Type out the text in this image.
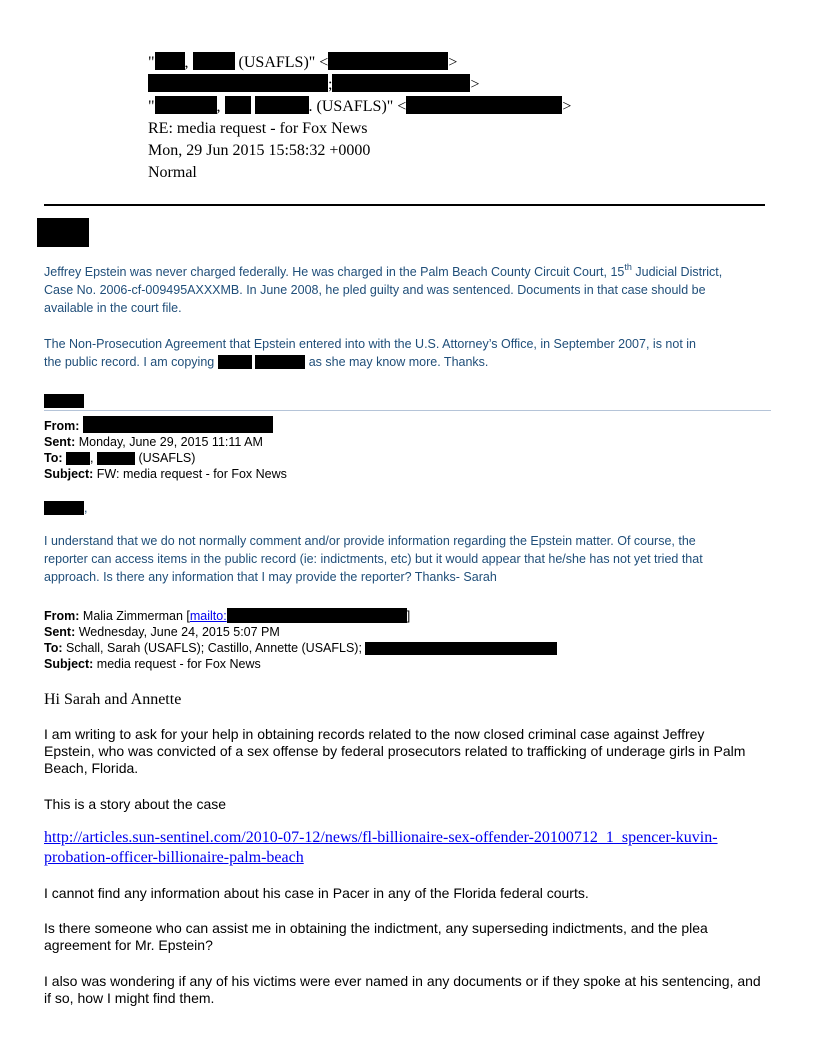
" ,	(USAFLS)" <	>
;	>
"	,	. (USAFLS)" <	>
RE: media request - for Fox News
Mon, 29 Jun 2015 15:58:32 +0000
Normal

Jeffrey Epstein was never charged federally. He was charged in the Palm Beach County Circuit Court, 15th Judicial District,

Case No. 2006-cf-009495AXXXMB. In June 2008, he pled guilty and was sentenced. Documents in that case should be

available in the court file.

The Non-Prosecution Agreement that Epstein entered into with the U.S. Attorney’s Office, in September 2007, is not in

the public record. I am copying	as she may know more. Thanks.

From:
Sent: Monday, June 29, 2015 11:11 AM
To: ,	(USAFLS)
Subject: FW: media request - for Fox News
,

I understand that we do not normally comment and/or provide information regarding the Epstein matter. Of course, the

reporter can access items in the public record (ie: indictments, etc) but it would appear that he/she has not yet tried that

approach. Is there any information that I may provide the reporter? Thanks- Sarah

From: Malia Zimmerman [mailto:	]
Sent: Wednesday, June 24, 2015 5:07 PM
To: Schall, Sarah (USAFLS); Castillo, Annette (USAFLS);
Subject: media request - for Fox News
Hi Sarah and Annette
I am writing to ask for your help in obtaining records related to the now closed criminal case against Jeffrey
Epstein, who was convicted of a sex offense by federal prosecutors related to trafficking of underage girls in Palm
Beach, Florida.
This is a story about the case
http://articles.sun-sentinel.com/2010-07-12/news/fl-billionaire-sex-offender-20100712_1_spencer-kuvin-
probation-officer-billionaire-palm-beach
I cannot find any information about his case in Pacer in any of the Florida federal courts.
Is there someone who can assist me in obtaining the indictment, any superseding indictments, and the plea
agreement for Mr. Epstein?
I also was wondering if any of his victims were ever named in any documents or if they spoke at his sentencing, and
if so, how I might find them.
